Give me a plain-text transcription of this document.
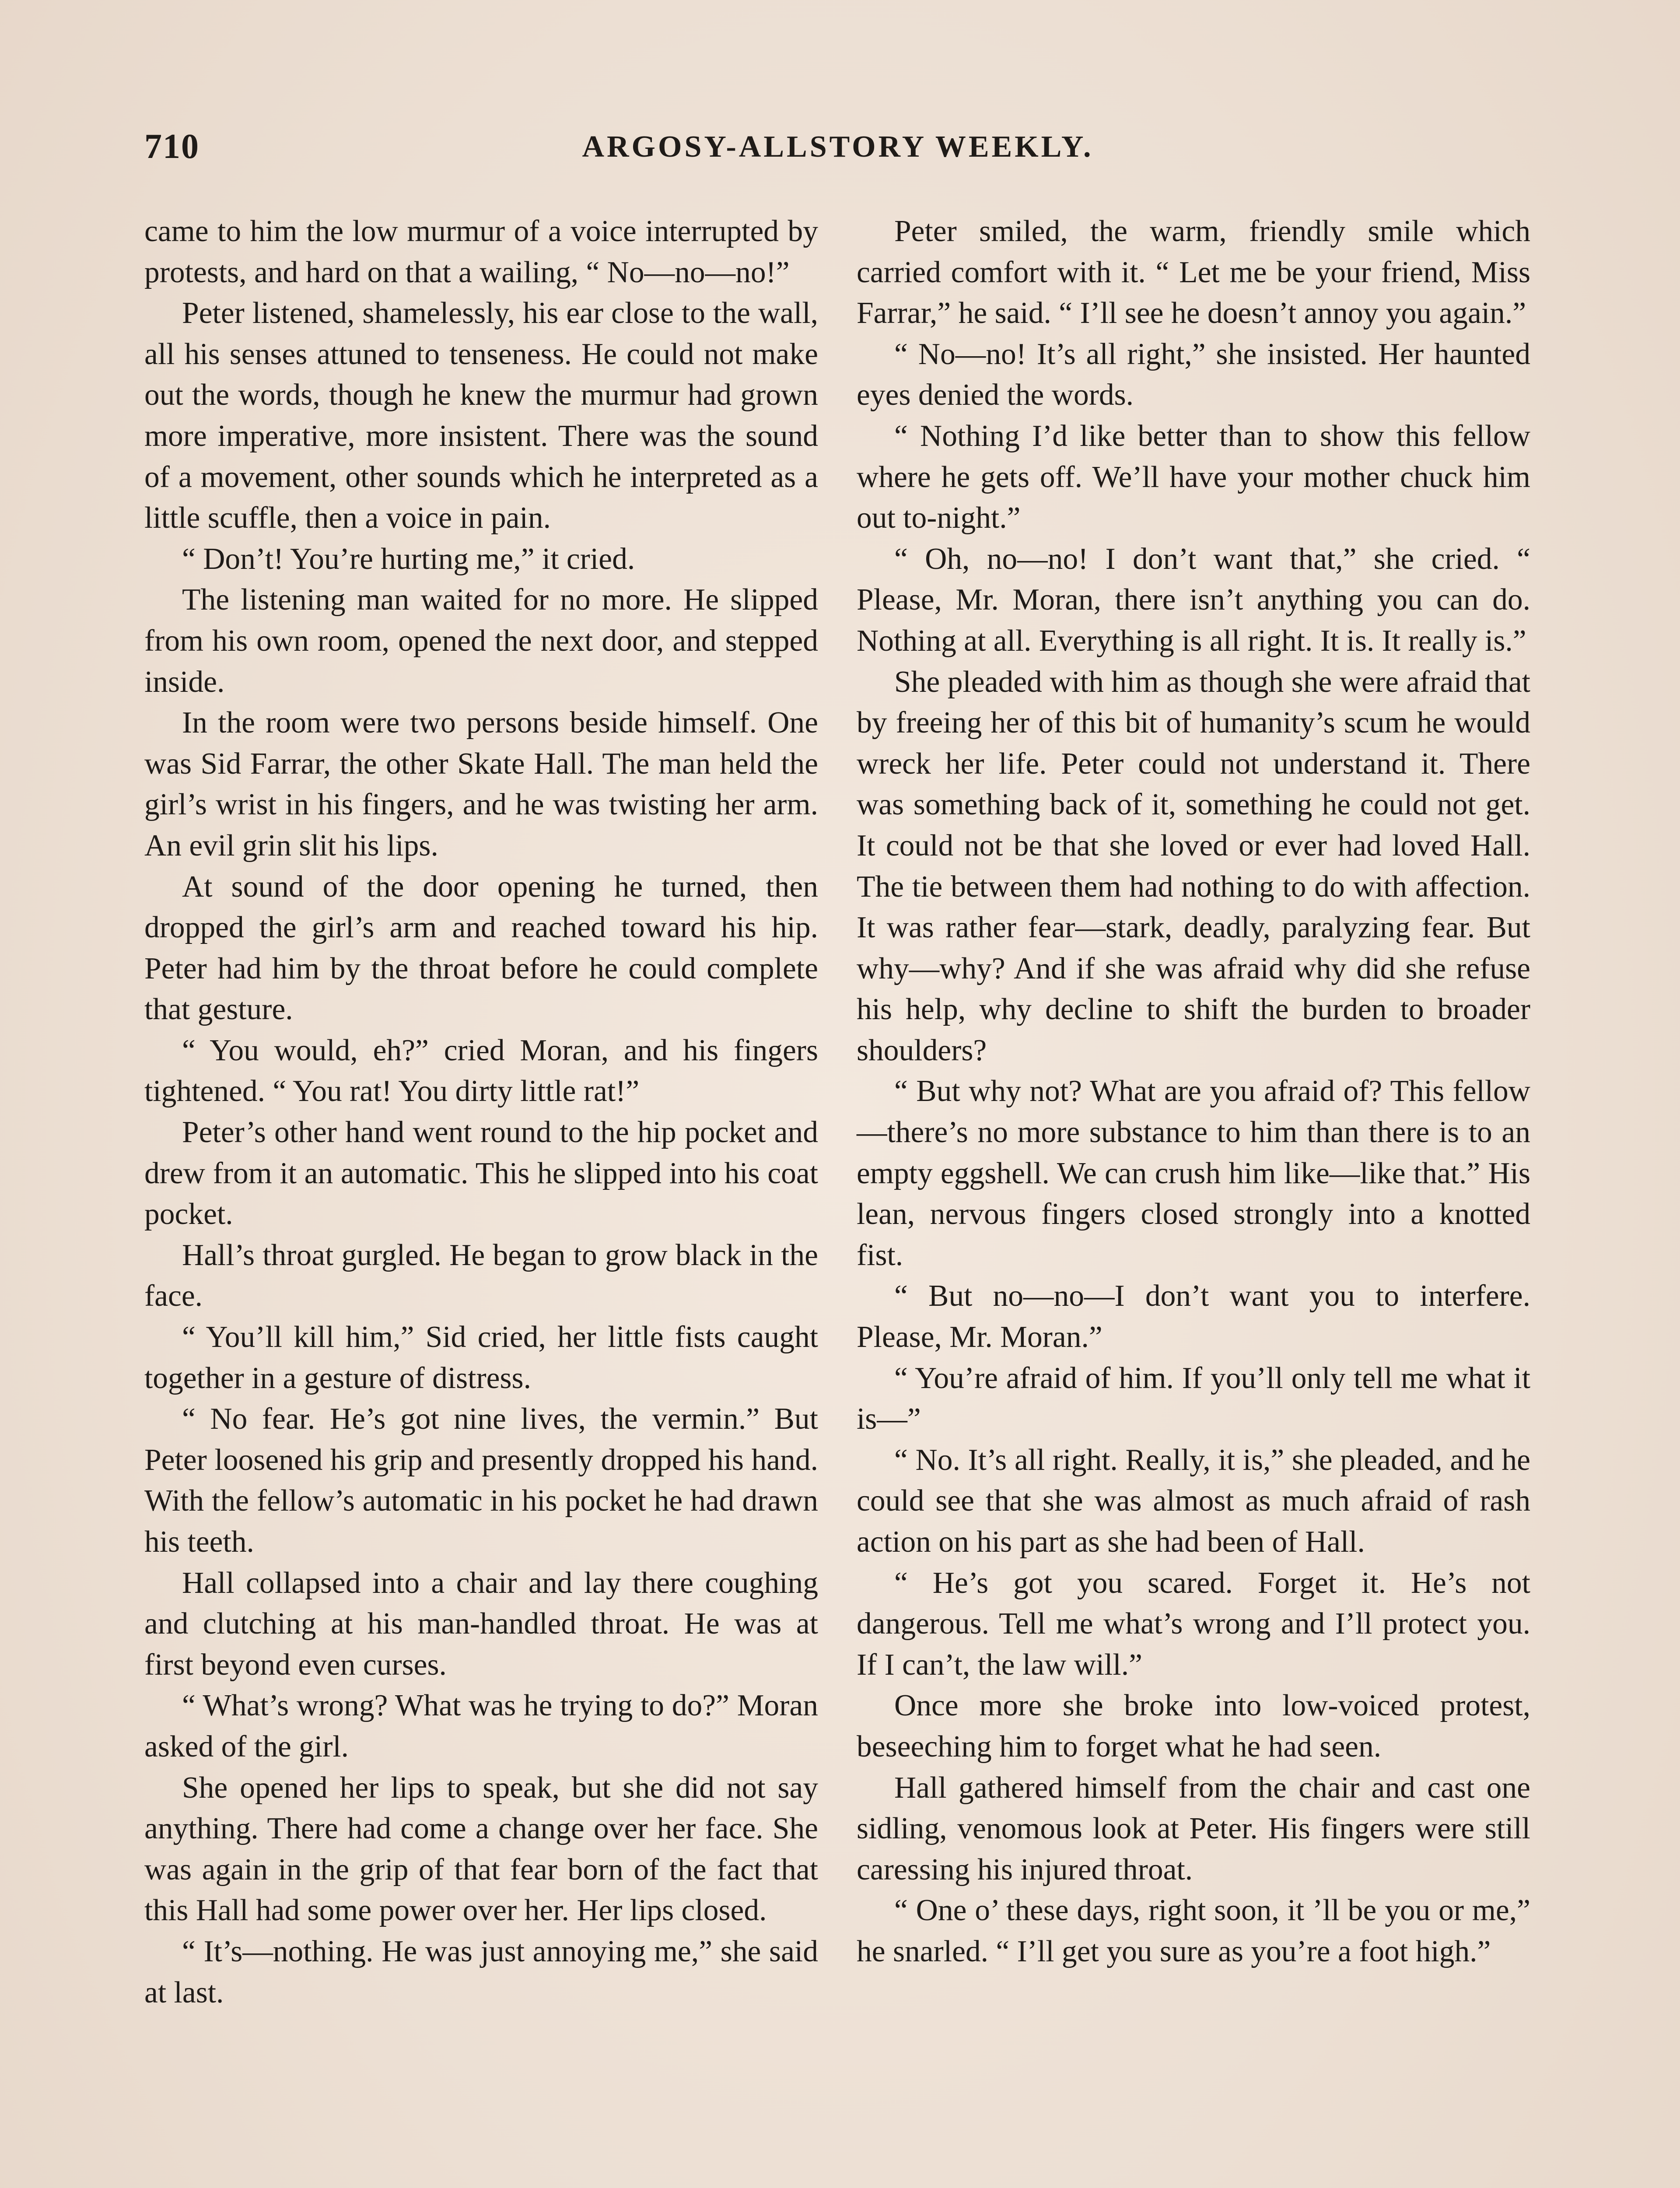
710	ARGOSY-ALLSTORY WEEKLY.

came to him the low murmur of a voice interrupted by protests, and hard on that a wailing, “ No—no—no!”

Peter listened, shamelessly, his ear close to the wall, all his senses attuned to tenseness. He could not make out the words, though he knew the murmur had grown more imperative, more insistent. There was the sound of a movement, other sounds which he interpreted as a little scuffle, then a voice in pain.

“ Don’t! You’re hurting me,” it cried.

The listening man waited for no more. He slipped from his own room, opened the next door, and stepped inside.

In the room were two persons beside himself. One was Sid Farrar, the other Skate Hall. The man held the girl’s wrist in his fingers, and he was twisting her arm. An evil grin slit his lips.

At sound of the door opening he turned, then dropped the girl’s arm and reached toward his hip. Peter had him by the throat before he could complete that gesture.

“ You would, eh?” cried Moran, and his fingers tightened. “ You rat! You dirty little rat!”

Peter’s other hand went round to the hip pocket and drew from it an automatic. This he slipped into his coat pocket.

Hall’s throat gurgled. He began to grow black in the face.

“ You’ll kill him,” Sid cried, her little fists caught together in a gesture of distress.

“ No fear. He’s got nine lives, the vermin.” But Peter loosened his grip and presently dropped his hand. With the fellow’s automatic in his pocket he had drawn his teeth.

Hall collapsed into a chair and lay there coughing and clutching at his man-handled throat. He was at first beyond even curses.

“ What’s wrong? What was he trying to do?” Moran asked of the girl.

She opened her lips to speak, but she did not say anything. There had come a change over her face. She was again in the grip of that fear born of the fact that this Hall had some power over her. Her lips closed.

“ It’s—nothing. He was just annoying me,” she said at last.

Peter smiled, the warm, friendly smile which carried comfort with it. “ Let me be your friend, Miss Farrar,” he said. “ I’ll see he doesn’t annoy you again.”

“ No—no! It’s all right,” she insisted. Her haunted eyes denied the words.

“ Nothing I’d like better than to show this fellow where he gets off. We’ll have your mother chuck him out to-night.”

“ Oh, no—no! I don’t want that,” she cried. “ Please, Mr. Moran, there isn’t anything you can do. Nothing at all. Everything is all right. It is. It really is.”

She pleaded with him as though she were afraid that by freeing her of this bit of humanity’s scum he would wreck her life. Peter could not understand it. There was something back of it, something he could not get. It could not be that she loved or ever had loved Hall. The tie between them had nothing to do with affection. It was rather fear—stark, deadly, paralyzing fear. But why—why? And if she was afraid why did she refuse his help, why decline to shift the burden to broader shoulders?

“ But why not? What are you afraid of? This fellow—there’s no more substance to him than there is to an empty eggshell. We can crush him like—like that.” His lean, nervous fingers closed strongly into a knotted fist.

“ But no—no—I don’t want you to interfere. Please, Mr. Moran.”

“ You’re afraid of him. If you’ll only tell me what it is—”

“ No. It’s all right. Really, it is,” she pleaded, and he could see that she was almost as much afraid of rash action on his part as she had been of Hall.

“ He’s got you scared. Forget it. He’s not dangerous. Tell me what’s wrong and I’ll protect you. If I can’t, the law will.”

Once more she broke into low-voiced protest, beseeching him to forget what he had seen.

Hall gathered himself from the chair and cast one sidling, venomous look at Peter. His fingers were still caressing his injured throat.

“ One o’ these days, right soon, it ’ll be you or me,” he snarled. “ I’ll get you sure as you’re a foot high.”
